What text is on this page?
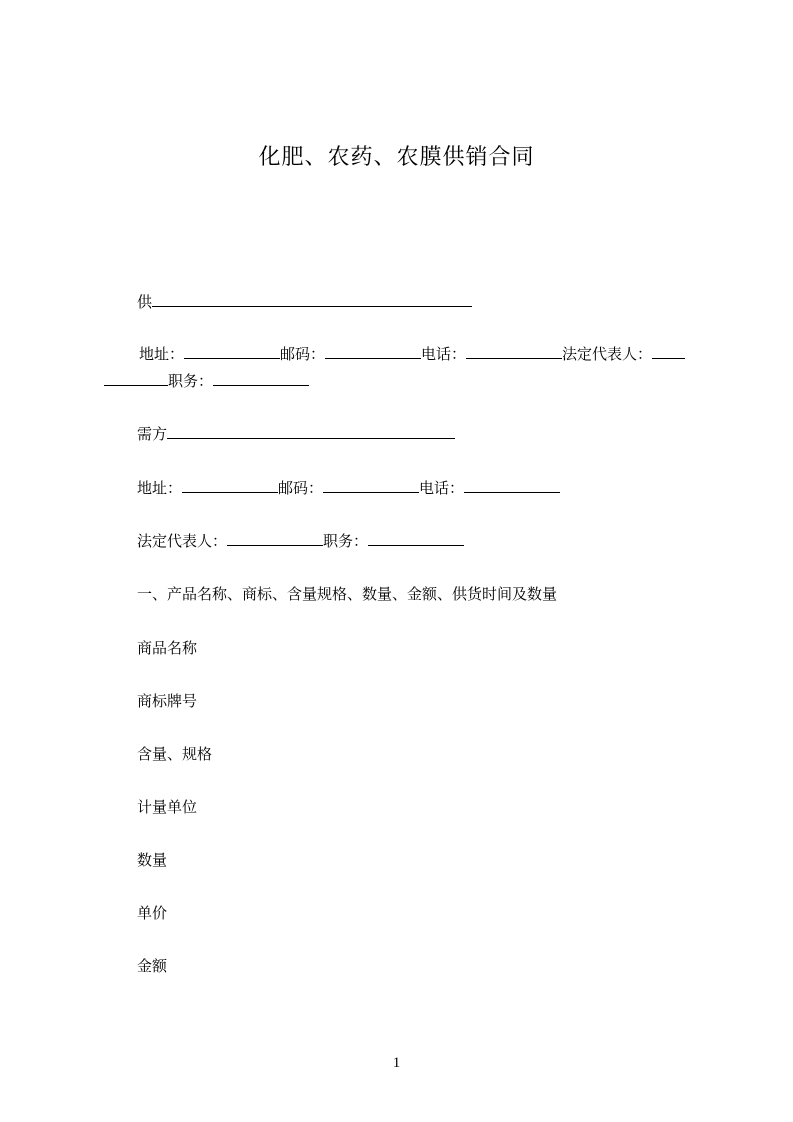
化肥、农药、农膜供销合同
供
地址：	邮码：	电话：	法定代表人：
职务：
需方
地址：	邮码：	电话：
法定代表人：	职务：
一、产品名称、商标、含量规格、数量、金额、供货时间及数量
商品名称
商标牌号
含量、规格
计量单位
数量
单价
金额
1
